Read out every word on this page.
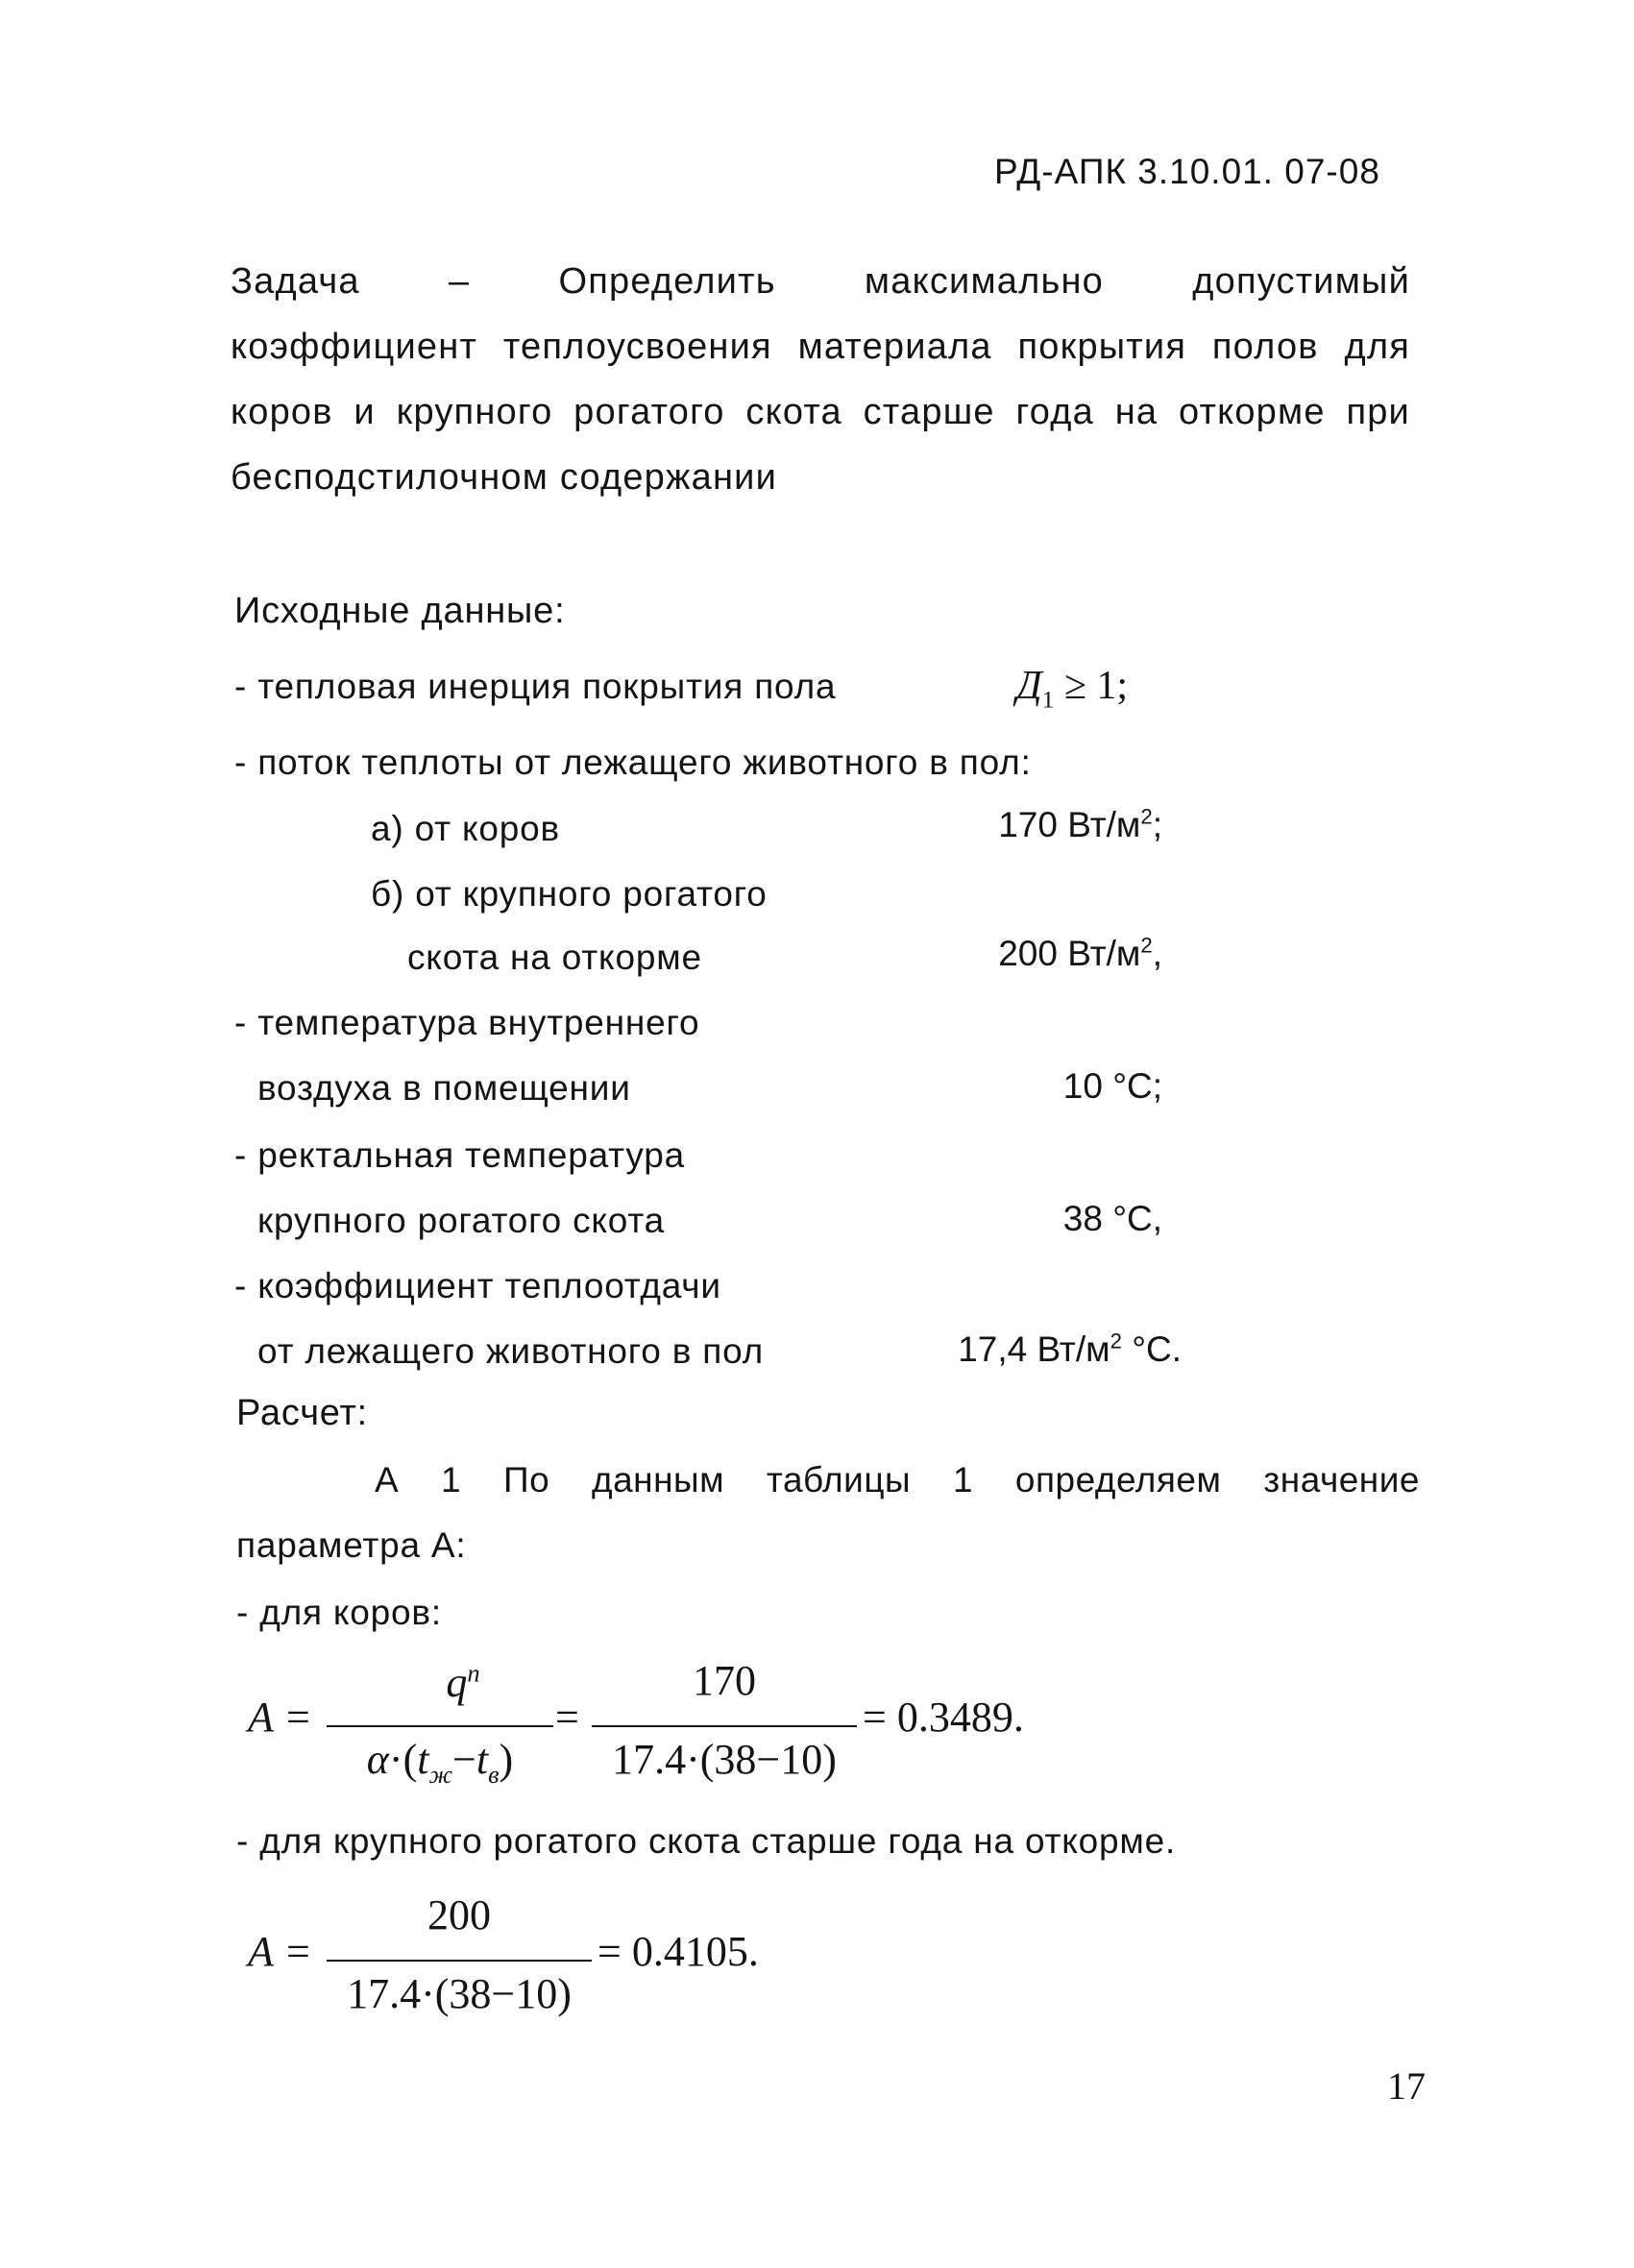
РД-АПК 3.10.01. 07-08
Задача – Определить максимально допустимый
коэффициент теплоусвоения материала покрытия полов для
коров и крупного рогатого скота старше года на откорме при
бесподстилочном содержании
Исходные данные:
- тепловая инерция покрытия пола	$Д_1 \ge 1$;
- поток теплоты от лежащего животного в пол:
а) от коров	170 $Вт/м^2$;
б) от крупного рогатого
скота на откорме	200 $Вт/м^2$,
- температура внутреннего
воздуха в помещении	10 °С;
- ректальная температура
крупного рогатого скота	38 °С,
- коэффициент теплоотдачи
от лежащего животного в пол	17,4 $Вт/м^2$ °С.
Расчет:
А 1 По данным таблицы 1 определяем значение
параметра А:
- для коров:
А =
$q^п$
$\alpha\cdot(t_ж-t_в)$
=
170
17.4·(38−10)
= 0.3489.
- для крупного рогатого скота старше года на откорме.
А =
200
17.4·(38−10)
= 0.4105.
17
